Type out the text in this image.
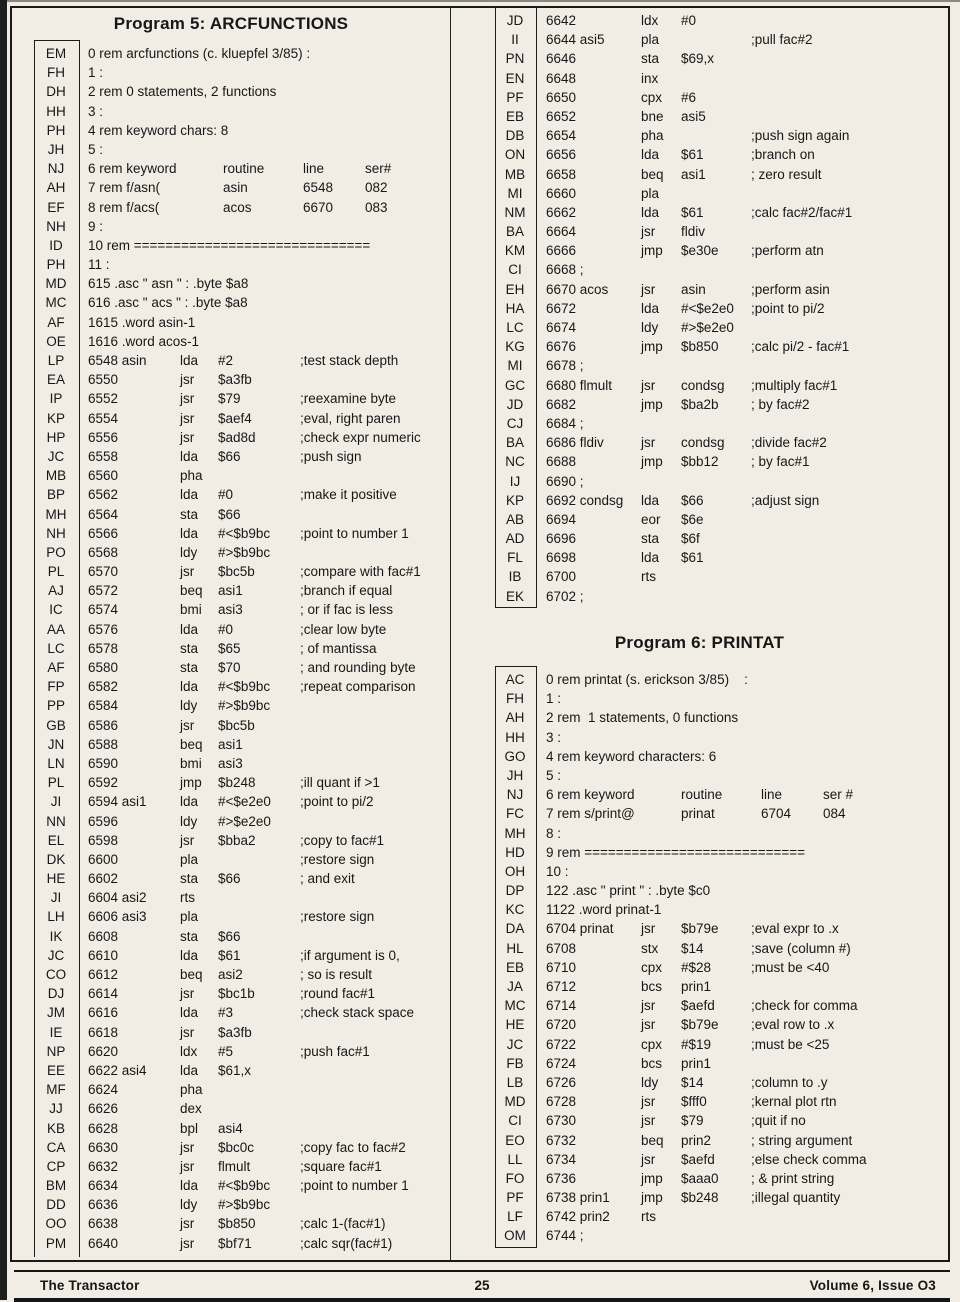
Program 5: ARCFUNCTIONS
EM	0 rem arcfunctions (c. kluepfel 3/85) :
FH	1 :
DH	2 rem 0 statements, 2 functions
HH	3 :
PH	4 rem keyword chars: 8
JH	5 :
NJ	6 rem keyword	routine	line	ser#
AH	7 rem f/asn(	asin	6548	082
EF	8 rem f/acs(	acos	6670	083
NH	9 :
ID	10 rem ==============================
PH	11 :
MD	615 .asc " asn " : .byte $a8
MC	616 .asc " acs " : .byte $a8
AF	1615 .word asin-1
OE	1616 .word acos-1
LP	6548 asin	lda	#2	;test stack depth
EA	6550	jsr	$a3fb
IP	6552	jsr	$79	;reexamine byte
KP	6554	jsr	$aef4	;eval, right paren
HP	6556	jsr	$ad8d	;check expr numeric
JC	6558	lda	$66	;push sign
MB	6560	pha
BP	6562	lda	#0	;make it positive
MH	6564	sta	$66
NH	6566	lda	#<$b9bc	;point to number 1
PO	6568	ldy	#>$b9bc
PL	6570	jsr	$bc5b	;compare with fac#1
AJ	6572	beq	asi1	;branch if equal
IC	6574	bmi	asi3	; or if fac is less
AA	6576	lda	#0	;clear low byte
LC	6578	sta	$65	; of mantissa
AF	6580	sta	$70	; and rounding byte
FP	6582	lda	#<$b9bc	;repeat comparison
PP	6584	ldy	#>$b9bc
GB	6586	jsr	$bc5b
JN	6588	beq	asi1
LN	6590	bmi	asi3
PL	6592	jmp	$b248	;ill quant if >1
JI	6594 asi1	lda	#<$e2e0	;point to pi/2
NN	6596	ldy	#>$e2e0
EL	6598	jsr	$bba2	;copy to fac#1
DK	6600	pla	;restore sign
HE	6602	sta	$66	; and exit
JI	6604 asi2	rts
LH	6606 asi3	pla	;restore sign
IK	6608	sta	$66
JC	6610	lda	$61	;if argument is 0,
CO	6612	beq	asi2	; so is result
DJ	6614	jsr	$bc1b	;round fac#1
JM	6616	lda	#3	;check stack space
IE	6618	jsr	$a3fb
NP	6620	ldx	#5	;push fac#1
EE	6622 asi4	lda	$61,x
MF	6624	pha
JJ	6626	dex
KB	6628	bpl	asi4
CA	6630	jsr	$bc0c	;copy fac to fac#2
CP	6632	jsr	flmult	;square fac#1
BM	6634	lda	#<$b9bc	;point to number 1
DD	6636	ldy	#>$b9bc
OO	6638	jsr	$b850	;calc 1-(fac#1)
PM	6640	jsr	$bf71	;calc sqr(fac#1)
JD	6642	ldx	#0
II	6644 asi5	pla	;pull fac#2
PN	6646	sta	$69,x
EN	6648	inx
PF	6650	cpx	#6
EB	6652	bne	asi5
DB	6654	pha	;push sign again
ON	6656	lda	$61	;branch on
MB	6658	beq	asi1	; zero result
MI	6660	pla
NM	6662	lda	$61	;calc fac#2/fac#1
BA	6664	jsr	fldiv
KM	6666	jmp	$e30e	;perform atn
CI	6668 ;
EH	6670 acos	jsr	asin	;perform asin
HA	6672	lda	#<$e2e0	;point to pi/2
LC	6674	ldy	#>$e2e0
KG	6676	jmp	$b850	;calc pi/2 - fac#1
MI	6678 ;
GC	6680 flmult	jsr	condsg	;multiply fac#1
JD	6682	jmp	$ba2b	; by fac#2
CJ	6684 ;
BA	6686 fldiv	jsr	condsg	;divide fac#2
NC	6688	jmp	$bb12	; by fac#1
IJ	6690 ;
KP	6692 condsg	lda	$66	;adjust sign
AB	6694	eor	$6e
AD	6696	sta	$6f
FL	6698	lda	$61
IB	6700	rts
EK	6702 ;
Program 6: PRINTAT
AC	0 rem printat (s. erickson 3/85)    :
FH	1 :
AH	2 rem  1 statements, 0 functions
HH	3 :
GO	4 rem keyword characters: 6
JH	5 :
NJ	6 rem keyword	routine	line	ser #
FC	7 rem s/print@	prinat	6704	084
MH	8 :
HD	9 rem ============================
OH	10 :
DP	122 .asc " print " : .byte $c0
KC	1122 .word prinat-1
DA	6704 prinat	jsr	$b79e	;eval expr to .x
HL	6708	stx	$14	;save (column #)
EB	6710	cpx	#$28	;must be <40
JA	6712	bcs	prin1
MC	6714	jsr	$aefd	;check for comma
HE	6720	jsr	$b79e	;eval row to .x
JC	6722	cpx	#$19	;must be <25
FB	6724	bcs	prin1
LB	6726	ldy	$14	;column to .y
MD	6728	jsr	$fff0	;kernal plot rtn
CI	6730	jsr	$79	;quit if no
EO	6732	beq	prin2	; string argument
LL	6734	jsr	$aefd	;else check comma
FO	6736	jmp	$aaa0	; & print string
PF	6738 prin1	jmp	$b248	;illegal quantity
LF	6742 prin2	rts
OM	6744 ;
25
The Transactor	Volume 6, Issue O3
